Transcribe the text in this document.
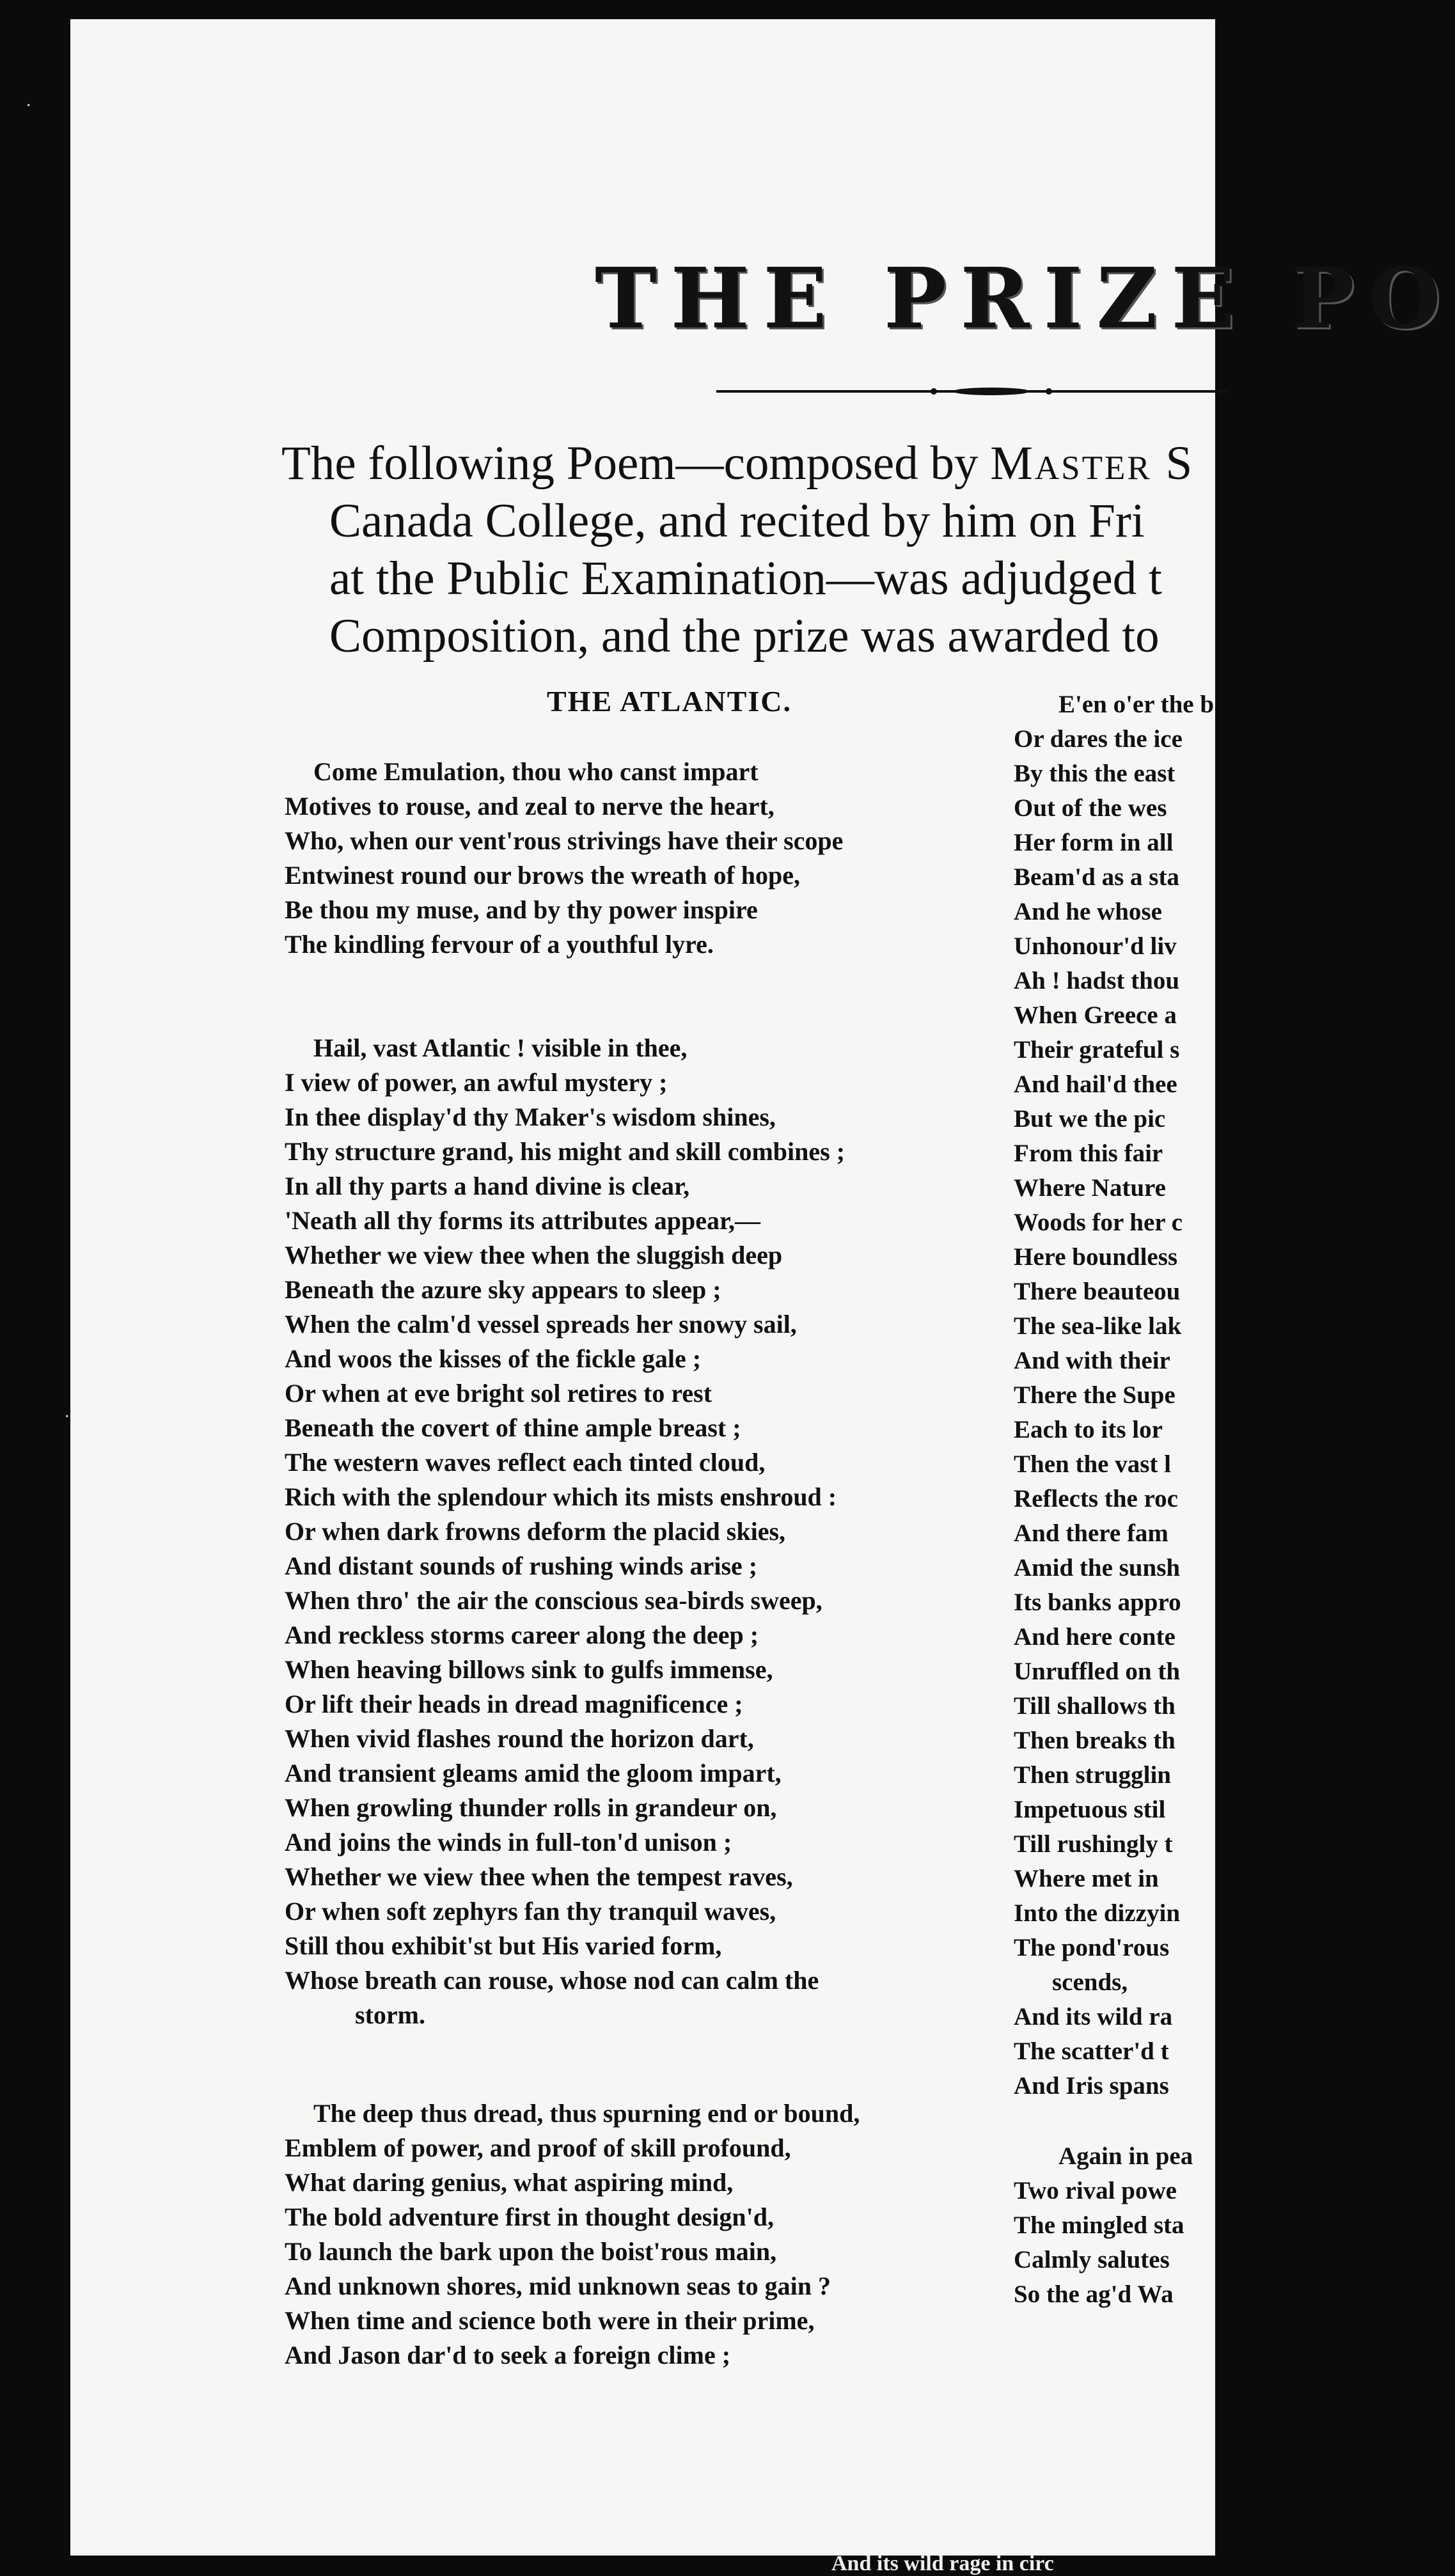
THE PRIZE PO
The following Poem—composed by Master S
Canada College, and recited by him on Fri
at the Public Examination—was adjudged t
Composition, and the prize was awarded to
THE ATLANTIC.
Come Emulation, thou who canst impart
Motives to rouse, and zeal to nerve the heart,
Who, when our vent'rous strivings have their scope
Entwinest round our brows the wreath of hope,
Be thou my muse, and by thy power inspire
The kindling fervour of a youthful lyre.
Hail, vast Atlantic ! visible in thee,
I view of power, an awful mystery ;
In thee display'd thy Maker's wisdom shines,
Thy structure grand, his might and skill combines ;
In all thy parts a hand divine is clear,
'Neath all thy forms its attributes appear,—
Whether we view thee when the sluggish deep
Beneath the azure sky appears to sleep ;
When the calm'd vessel spreads her snowy sail,
And woos the kisses of the fickle gale ;
Or when at eve bright sol retires to rest
Beneath the covert of thine ample breast ;
The western waves reflect each tinted cloud,
Rich with the splendour which its mists enshroud :
Or when dark frowns deform the placid skies,
And distant sounds of rushing winds arise ;
When thro' the air the conscious sea-birds sweep,
And reckless storms career along the deep ;
When heaving billows sink to gulfs immense,
Or lift their heads in dread magnificence ;
When vivid flashes round the horizon dart,
And transient gleams amid the gloom impart,
When growling thunder rolls in grandeur on,
And joins the winds in full-ton'd unison ;
Whether we view thee when the tempest raves,
Or when soft zephyrs fan thy tranquil waves,
Still thou exhibit'st but His varied form,
Whose breath can rouse, whose nod can calm the
storm.
The deep thus dread, thus spurning end or bound,
Emblem of power, and proof of skill profound,
What daring genius, what aspiring mind,
The bold adventure first in thought design'd,
To launch the bark upon the boist'rous main,
And unknown shores, mid unknown seas to gain ?
When time and science both were in their prime,
And Jason dar'd to seek a foreign clime ;
E'en o'er the b
Or dares the ice
By this the east
Out of the wes
Her form in all
Beam'd as a sta
And he whose
Unhonour'd liv
Ah ! hadst thou
When Greece a
Their grateful s
And hail'd thee
But we the pic
From this fair
Where Nature
Woods for her c
Here boundless
There beauteou
The sea-like lak
And with their
There the Supe
Each to its lor
Then the vast l
Reflects the roc
And there fam
Amid the sunsh
Its banks appro
And here conte
Unruffled on th
Till shallows th
Then breaks th
Then strugglin
Impetuous stil
Till rushingly t
Where met in
Into the dizzyin
The pond'rous
scends,
And its wild ra
The scatter'd t
And Iris spans
Again in pea
Two rival powe
The mingled sta
Calmly salutes
So the ag'd Wa
And its wild rage in circ
·
·
